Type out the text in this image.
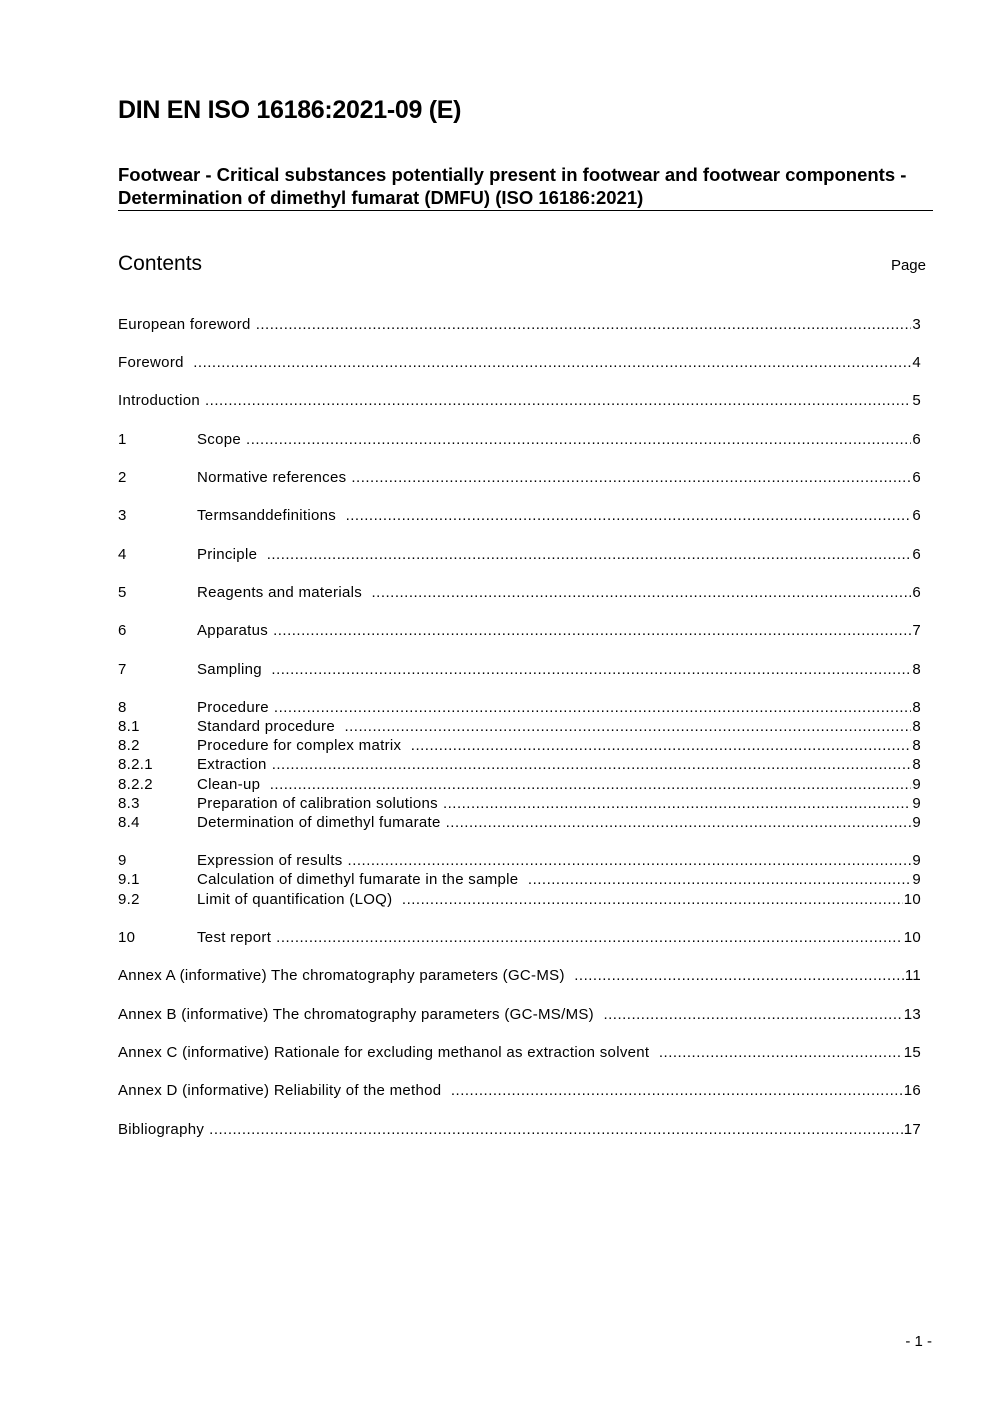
DIN EN ISO 16186:2021-09 (E)
Footwear - Critical substances potentially present in footwear and footwear components - Determination of dimethyl fumarat (DMFU) (ISO 16186:2021)
Contents	Page
European foreword .....	3
Foreword .....	4
Introduction .....	5
1	Scope .....	6
2	Normative references .....	6
3	Termsanddefinitions .....	6
4	Principle .....	6
5	Reagents and materials .....	6
6	Apparatus .....	7
7	Sampling .....	8
8	Procedure .....	8
8.1	Standard procedure .....	8
8.2	Procedure for complex matrix .....	8
8.2.1	Extraction .....	8
8.2.2	Clean-up .....	9
8.3	Preparation of calibration solutions .....	9
8.4	Determination of dimethyl fumarate .....	9
9	Expression of results .....	9
9.1	Calculation of dimethyl fumarate in the sample .....	9
9.2	Limit of quantification (LOQ) .....	10
10	Test report .....	10
Annex A (informative) The chromatography parameters (GC-MS) .....	11
Annex B (informative) The chromatography parameters (GC-MS/MS) .....	13
Annex C (informative) Rationale for excluding methanol as extraction solvent .....	15
Annex D (informative) Reliability of the method .....	16
Bibliography .....	17
- 1 -
